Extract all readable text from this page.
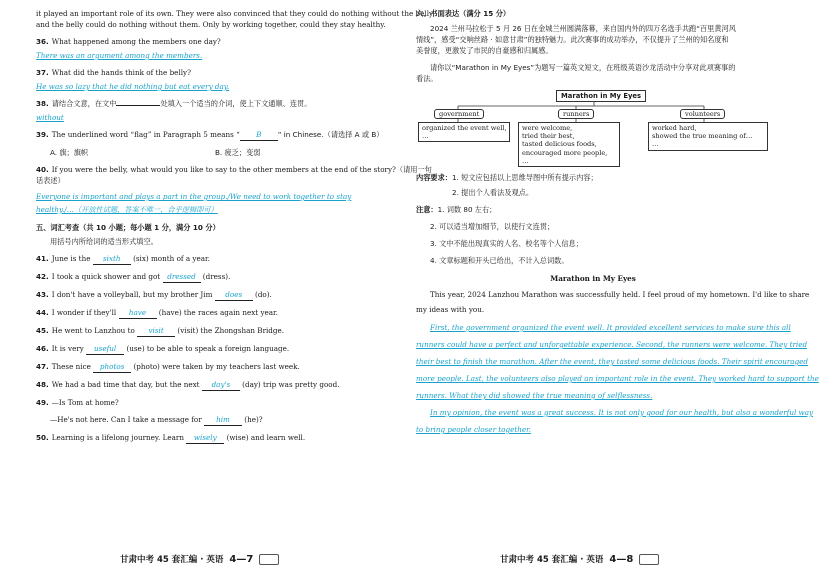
it played an important role of its own. They were also convinced that they could do nothing without the belly
and the belly could do nothing without them. Only by working together, could they stay healthy.
36. What happened among the members one day?
There was an argument among the members.
37. What did the hands think of the belly?
He was so lazy that he did nothing but eat every day.
38. 请结合文意，在文中	处填入一个适当的介词，使上下文通顺、连贯。
without
39. The underlined word “flag” in Paragraph 5 means “ B ” in Chinese.（请选择 A 或 B）
A. 旗；旗帜	B. 疲乏；变弱
40. If you were the belly, what would you like to say to the other members at the end of the story?（请用一句
话表述）
Everyone is important and plays a part in the group./We need to work together to stay
healthy./…（开放性试题，答案不唯一，合乎逻辑即可）
五、词汇考查（共 10 小题；每小题 1 分，满分 10 分）
用括号内所给词的适当形式填空。
41. June is the sixth (six) month of a year.
42. I took a quick shower and got dressed (dress).
43. I don't have a volleyball, but my brother Jim does (do).
44. I wonder if they'll have (have) the races again next year.
45. He went to Lanzhou to visit (visit) the Zhongshan Bridge.
46. It is very useful (use) to be able to speak a foreign language.
47. These nice photos (photo) were taken by my teachers last week.
48. We had a bad time that day, but the next day's (day) trip was pretty good.
49. —Is Tom at home?
—He's not here. Can I take a message for him (he)?
50. Learning is a lifelong journey. Learn wisely (wise) and learn well.
甘肃中考 45 套汇编 · 英语 4—7
六、书面表达（满分 15 分）
2024 兰州马拉松于 5 月 26 日在金城兰州圆满落幕，来自国内外的四万名选手共跑“百里黄河风
情线”，感受“交响丝路 · 如意甘肃”的独特魅力。此次赛事的成功举办，不仅提升了兰州的知名度和
美誉度，更激发了市民的自豪感和归属感。
请你以“Marathon in My Eyes”为题写一篇英文短文，在班级英语沙龙活动中分享对此项赛事的
看法。
Marathon in My Eyes
government	runners	volunteers
organized the event well,
…
were welcome,
tried their best,
tasted delicious foods,
encouraged more people,
…
worked hard,
showed the true meaning of…
…
内容要求：1. 短文应包括以上思维导图中所有提示内容；
2. 提出个人看法及观点。
注意：1. 词数 80 左右；
2. 可以适当增加细节，以使行文连贯；
3. 文中不能出现真实的人名、校名等个人信息；
4. 文章标题和开头已给出，不计入总词数。
Marathon in My Eyes
This year, 2024 Lanzhou Marathon was successfully held. I feel proud of my hometown. I'd like to share
my ideas with you.
First, the government organized the event well. It provided excellent services to make sure this all
runners could have a perfect and unforgettable experience. Second, the runners were welcome. They tried
their best to finish the marathon. After the event, they tasted some delicious foods. Their spirit encouraged
more people. Last, the volunteers also played an important role in the event. They worked hard to support the
runners. What they did showed the true meaning of selflessness.
In my opinion, the event was a great success. It is not only good for our health, but also a wonderful way
to bring people closer together.
甘肃中考 45 套汇编 · 英语 4—8
